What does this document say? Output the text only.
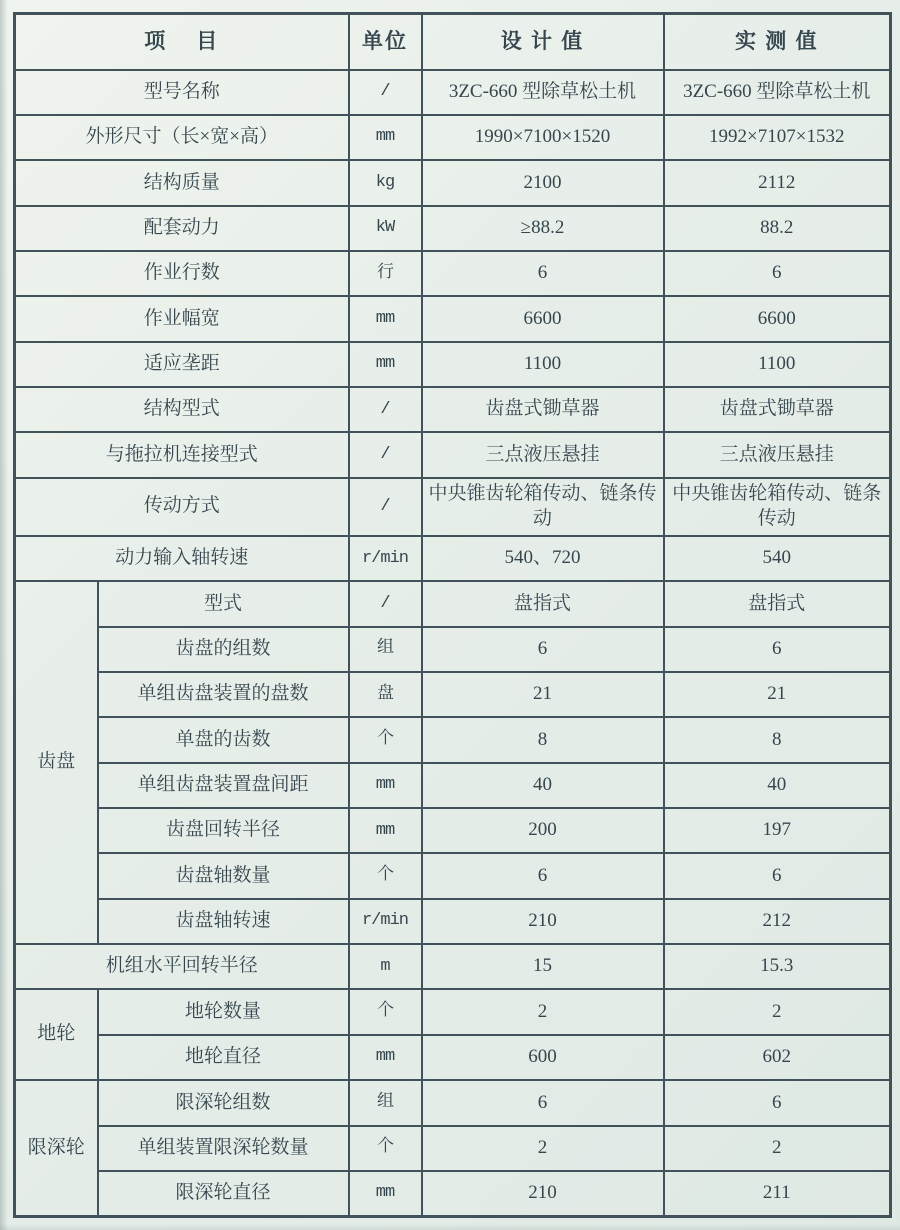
项    目		单位	设 计 值	实 测 值
型号名称		/	3ZC-660 型除草松土机	3ZC-660 型除草松土机
外形尺寸（长×宽×高）		mm	1990×7100×1520	1992×7107×1532
结构质量		kg	2100	2112
配套动力		kW	≥88.2	88.2
作业行数		行	6	6
作业幅宽		mm	6600	6600
适应垄距		mm	1100	1100
结构型式		/	齿盘式锄草器	齿盘式锄草器
与拖拉机连接型式		/	三点液压悬挂	三点液压悬挂
传动方式		/	中央锥齿轮箱传动、链条传动	中央锥齿轮箱传动、链条传动
动力输入轴转速		r/min	540、720	540
齿盘	型式	/	盘指式	盘指式
	齿盘的组数	组	6	6
	单组齿盘装置的盘数	盘	21	21
	单盘的齿数	个	8	8
	单组齿盘装置盘间距	mm	40	40
	齿盘回转半径	mm	200	197
	齿盘轴数量	个	6	6
	齿盘轴转速	r/min	210	212
机组水平回转半径		m	15	15.3
地轮	地轮数量	个	2	2
	地轮直径	mm	600	602
限深轮	限深轮组数	组	6	6
	单组装置限深轮数量	个	2	2
	限深轮直径	mm	210	211
